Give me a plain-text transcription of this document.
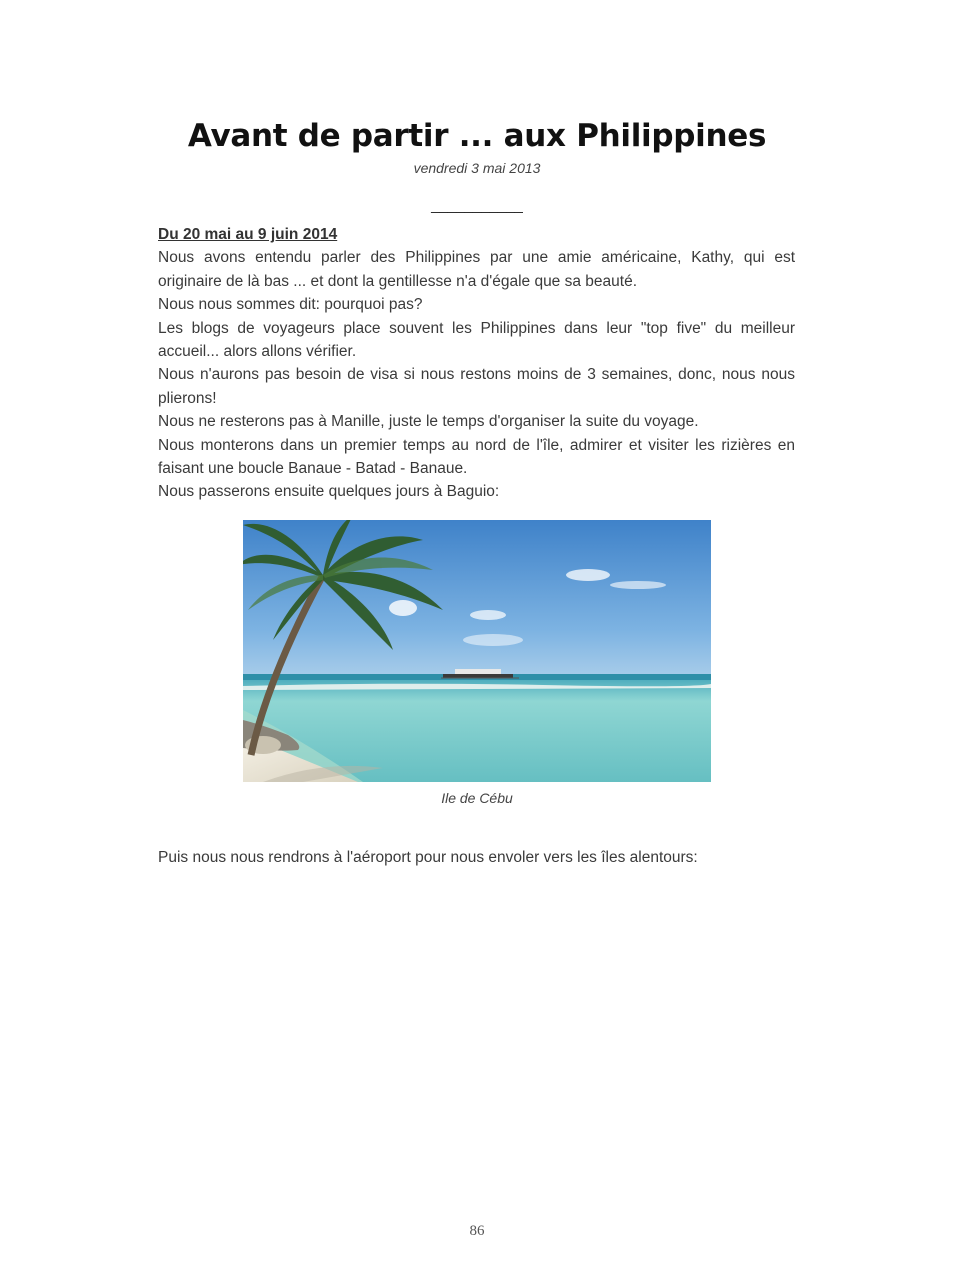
Avant de partir ... aux Philippines
vendredi 3 mai 2013
___________
Du 20 mai au 9 juin 2014

Nous avons entendu parler des Philippines par une amie américaine, Kathy, qui est originaire de là bas ... et dont la gentillesse n'a d'égale que sa beauté.

Nous nous sommes dit: pourquoi pas?

Les blogs de voyageurs place souvent les Philippines dans leur "top five" du meilleur accueil... alors allons vérifier.

Nous n'aurons pas besoin de visa si nous restons moins de 3 semaines, donc, nous nous plierons!

Nous ne resterons pas à Manille, juste le temps d'organiser la suite du voyage.

Nous monterons dans un premier temps au nord de l'île, admirer et visiter les rizières en faisant une boucle Banaue - Batad - Banaue.

Nous passerons ensuite quelques jours à Baguio:

Ile de Cébu

Puis nous nous rendrons à l'aéroport pour nous envoler vers les îles alentours:

86
